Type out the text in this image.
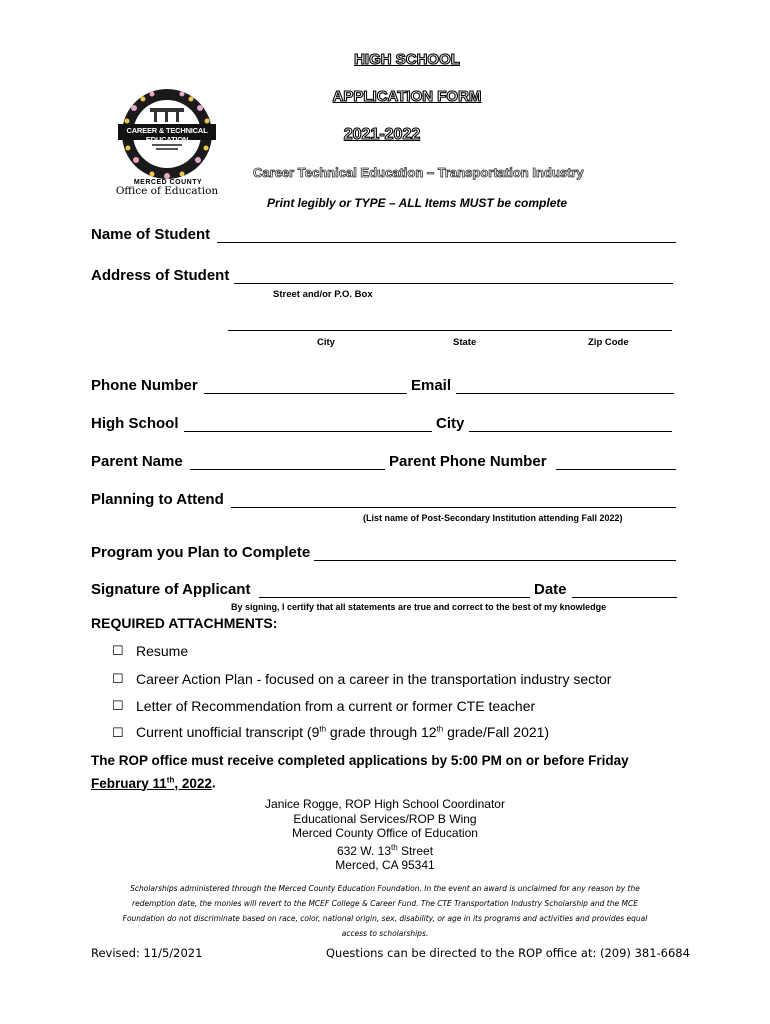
CAREER & TECHNICAL EDUCATION
MERCED COUNTY
Office of Education
HIGH SCHOOL
APPLICATION FORM
2021-2022
Career Technical Education – Transportation Industry
Print legibly or TYPE – ALL Items MUST be complete
Name of Student
Address of Student
Street and/or P.O. Box
City	State	Zip Code
Phone Number	Email
High School	City
Parent Name	Parent Phone Number
Planning to Attend
(List name of Post-Secondary Institution attending Fall 2022)
Program you Plan to Complete
Signature of Applicant	Date
By signing, I certify that all statements are true and correct to the best of my knowledge
REQUIRED ATTACHMENTS:
☐ Resume
☐ Career Action Plan - focused on a career in the transportation industry sector
☐ Letter of Recommendation from a current or former CTE teacher
☐ Current unofficial transcript (9th grade through 12th grade/Fall 2021)
The ROP office must receive completed applications by 5:00 PM on or before Friday
February 11th, 2022.
Janice Rogge, ROP High School Coordinator
Educational Services/ROP B Wing
Merced County Office of Education
632 W. 13th Street
Merced, CA 95341
Scholarships administered through the Merced County Education Foundation. In the event an award is unclaimed for any reason by the
redemption date, the monies will revert to the MCEF College & Career Fund. The CTE Transportation Industry Scholarship and the MCE
Foundation do not discriminate based on race, color, national origin, sex, disability, or age in its programs and activities and provides equal
access to scholarships.
Revised: 11/5/2021	Questions can be directed to the ROP office at: (209) 381-6684
